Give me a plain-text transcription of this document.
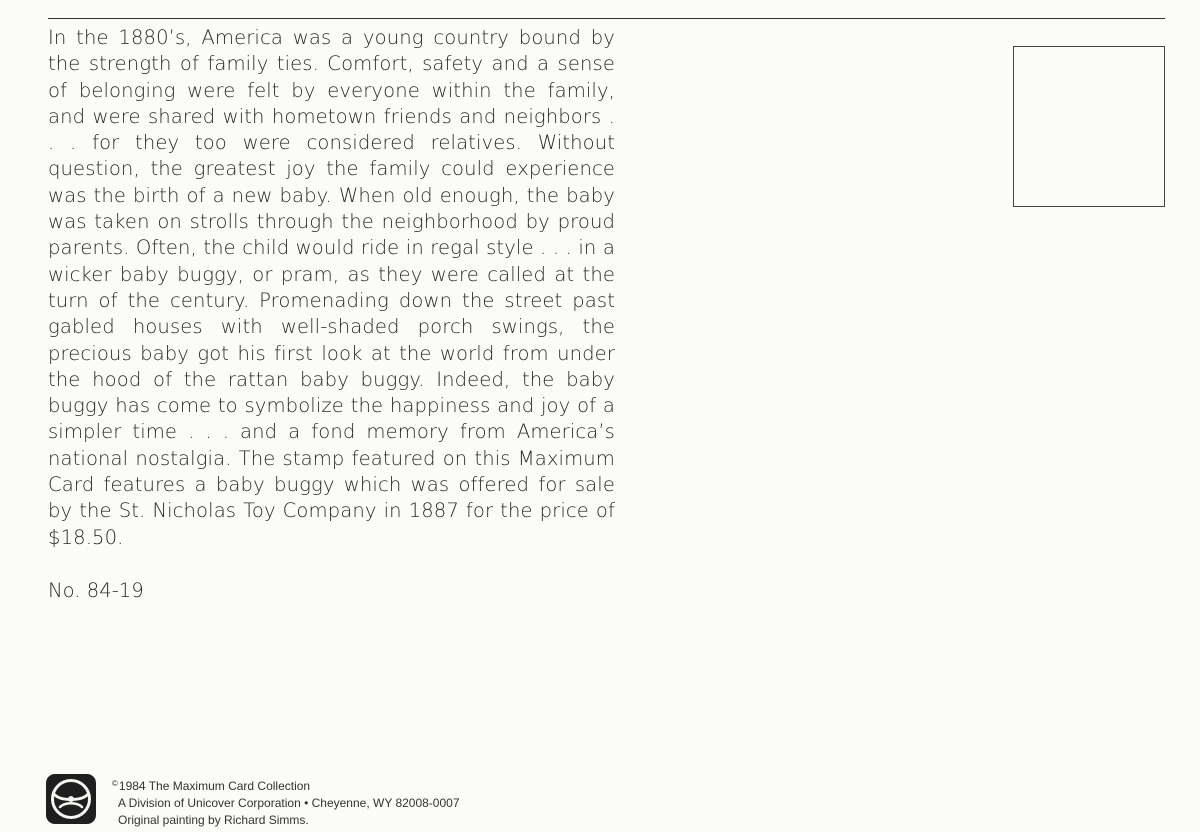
In the 1880’s, America was a young country bound by the strength of family ties. Comfort, safety and a sense of belonging were felt by everyone within the family, and were shared with hometown friends and neighbors . . . for they too were considered relatives. Without question, the greatest joy the family could experience was the birth of a new baby. When old enough, the baby was taken on strolls through the neighborhood by proud parents. Often, the child would ride in regal style . . . in a wicker baby buggy, or pram, as they were called at the turn of the century. Promenading down the street past gabled houses with well-shaded porch swings, the precious baby got his first look at the world from under the hood of the rattan baby buggy. Indeed, the baby buggy has come to symbolize the happiness and joy of a simpler time . . . and a fond memory from America’s national nostalgia. The stamp featured on this Maximum Card features a baby buggy which was offered for sale by the St. Nicholas Toy Company in 1887 for the price of $18.50.

No. 84-19

©1984 The Maximum Card Collection
A Division of Unicover Corporation • Cheyenne, WY 82008-0007
Original painting by Richard Simms.
